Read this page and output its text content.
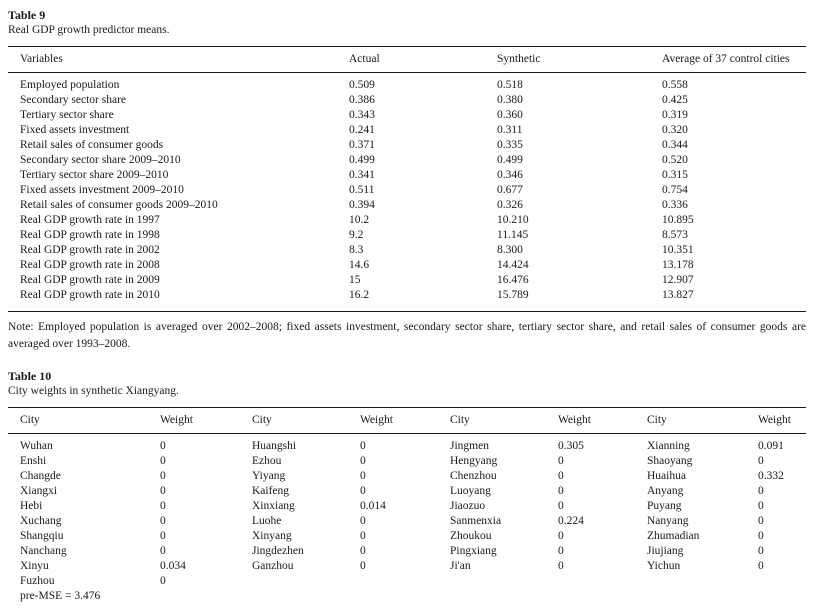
Table 9
Real GDP growth predictor means.
Variables	Actual	Synthetic	Average of 37 control cities
Employed population	0.509	0.518	0.558
Secondary sector share	0.386	0.380	0.425
Tertiary sector share	0.343	0.360	0.319
Fixed assets investment	0.241	0.311	0.320
Retail sales of consumer goods	0.371	0.335	0.344
Secondary sector share 2009–2010	0.499	0.499	0.520
Tertiary sector share 2009–2010	0.341	0.346	0.315
Fixed assets investment 2009–2010	0.511	0.677	0.754
Retail sales of consumer goods 2009–2010	0.394	0.326	0.336
Real GDP growth rate in 1997	10.2	10.210	10.895
Real GDP growth rate in 1998	9.2	11.145	8.573
Real GDP growth rate in 2002	8.3	8.300	10.351
Real GDP growth rate in 2008	14.6	14.424	13.178
Real GDP growth rate in 2009	15	16.476	12.907
Real GDP growth rate in 2010	16.2	15.789	13.827

Note: Employed population is averaged over 2002–2008; fixed assets investment, secondary sector share, tertiary sector share, and retail sales of consumer goods are averaged over 1993–2008.

Table 10
City weights in synthetic Xiangyang.
City	Weight	City	Weight	City	Weight	City	Weight
Wuhan	0	Huangshi	0	Jingmen	0.305	Xianning	0.091
Enshi	0	Ezhou	0	Hengyang	0	Shaoyang	0
Changde	0	Yiyang	0	Chenzhou	0	Huaihua	0.332
Xiangxi	0	Kaifeng	0	Luoyang	0	Anyang	0
Hebi	0	Xinxiang	0.014	Jiaozuo	0	Puyang	0
Xuchang	0	Luohe	0	Sanmenxia	0.224	Nanyang	0
Shangqiu	0	Xinyang	0	Zhoukou	0	Zhumadian	0
Nanchang	0	Jingdezhen	0	Pingxiang	0	Jiujiang	0
Xinyu	0.034	Ganzhou	0	Ji'an	0	Yichun	0
Fuzhou	0						
pre-MSE = 3.476
